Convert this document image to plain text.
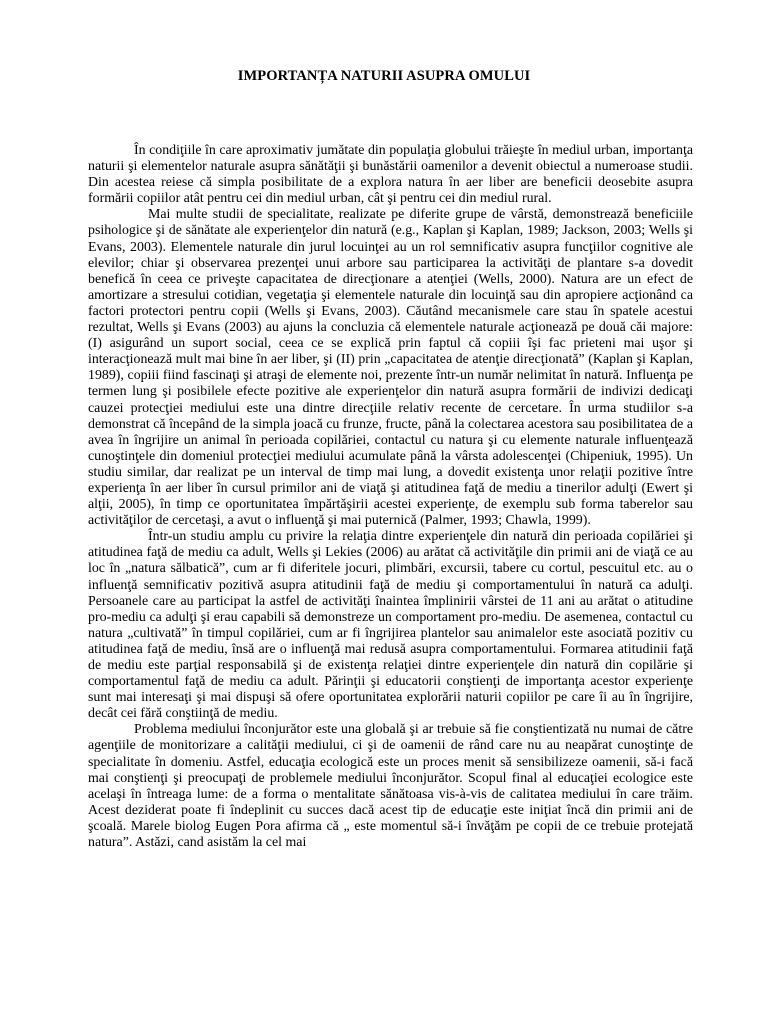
IMPORTANȚA NATURII ASUPRA OMULUI

În condiţiile în care aproximativ jumătate din populaţia globului trăieşte în mediul urban, importanţa naturii şi elementelor naturale asupra sănătăţii şi bunăstării oamenilor a devenit obiectul a numeroase studii. Din acestea reiese că simpla posibilitate de a explora natura în aer liber are beneficii deosebite asupra formării copiilor atât pentru cei din mediul urban, cât şi pentru cei din mediul rural.

Mai multe studii de specialitate, realizate pe diferite grupe de vârstă, demonstrează beneficiile psihologice şi de sănătate ale experienţelor din natură (e.g., Kaplan şi Kaplan, 1989; Jackson, 2003; Wells şi Evans, 2003). Elementele naturale din jurul locuinţei au un rol semnificativ asupra funcţiilor cognitive ale elevilor; chiar şi observarea prezenţei unui arbore sau participarea la activităţi de plantare s-a dovedit benefică în ceea ce priveşte capacitatea de direcţionare a atenţiei (Wells, 2000). Natura are un efect de amortizare a stresului cotidian, vegetaţia şi elementele naturale din locuinţă sau din apropiere acţionând ca factori protectori pentru copii (Wells şi Evans, 2003). Căutând mecanismele care stau în spatele acestui rezultat, Wells şi Evans (2003) au ajuns la concluzia că elementele naturale acţionează pe două căi majore: (I) asigurând un suport social, ceea ce se explică prin faptul că copiii îşi fac prieteni mai uşor şi interacţionează mult mai bine în aer liber, şi (II) prin „capacitatea de atenţie direcţionată” (Kaplan şi Kaplan, 1989), copiii fiind fascinaţi şi atraşi de elemente noi, prezente într-un număr nelimitat în natură. Influenţa pe termen lung şi posibilele efecte pozitive ale experienţelor din natură asupra formării de indivizi dedicaţi cauzei protecţiei mediului este una dintre direcţiile relativ recente de cercetare. În urma studiilor s-a demonstrat că începând de la simpla joacă cu frunze, fructe, până la colectarea acestora sau posibilitatea de a avea în îngrijire un animal în perioada copilăriei, contactul cu natura şi cu elemente naturale influenţează cunoştinţele din domeniul protecţiei mediului acumulate până la vârsta adolescenţei (Chipeniuk, 1995). Un studiu similar, dar realizat pe un interval de timp mai lung, a dovedit existenţa unor relaţii pozitive între experienţa în aer liber în cursul primilor ani de viaţă şi atitudinea faţă de mediu a tinerilor adulţi (Ewert şi alţii, 2005), în timp ce oportunitatea împărtăşirii acestei experienţe, de exemplu sub forma taberelor sau activităţilor de cercetaşi, a avut o influenţă şi mai puternică (Palmer, 1993; Chawla, 1999).

Într-un studiu amplu cu privire la relaţia dintre experienţele din natură din perioada copilăriei şi atitudinea faţă de mediu ca adult, Wells şi Lekies (2006) au arătat că activităţile din primii ani de viaţă ce au loc în „natura sălbatică”, cum ar fi diferitele jocuri, plimbări, excursii, tabere cu cortul, pescuitul etc. au o influenţă semnificativ pozitivă asupra atitudinii faţă de mediu şi comportamentului în natură ca adulţi. Persoanele care au participat la astfel de activităţi înaintea împlinirii vârstei de 11 ani au arătat o atitudine pro-mediu ca adulţi şi erau capabili să demonstreze un comportament pro-mediu. De asemenea, contactul cu natura „cultivată” în timpul copilăriei, cum ar fi îngrijirea plantelor sau animalelor este asociată pozitiv cu atitudinea faţă de mediu, însă are o influenţă mai redusă asupra comportamentului. Formarea atitudinii faţă de mediu este parţial responsabilă şi de existenţa relaţiei dintre experienţele din natură din copilărie şi comportamentul faţă de mediu ca adult. Părinţii şi educatorii conştienţi de importanţa acestor experienţe sunt mai interesaţi şi mai dispuşi să ofere oportunitatea explorării naturii copiilor pe care îi au în îngrijire, decât cei fără conştiinţă de mediu.

Problema mediului înconjurător este una globală şi ar trebuie să fie conştientizată nu numai de către agenţiile de monitorizare a calităţii mediului, ci şi de oamenii de rând care nu au neapărat cunoştinţe de specialitate în domeniu. Astfel, educaţia ecologică este un proces menit să sensibilizeze oamenii, să-i facă mai conştienţi şi preocupaţi de problemele mediului înconjurător. Scopul final al educaţiei ecologice este acelaşi în întreaga lume: de a forma o mentalitate sănătoasa vis-à-vis de calitatea mediului în care trăim. Acest deziderat poate fi îndeplinit cu succes dacă acest tip de educaţie este iniţiat încă din primii ani de şcoală. Marele biolog Eugen Pora afirma că „ este momentul să-i învăţăm pe copii de ce trebuie protejată natura”. Astăzi, cand asistăm la cel mai
